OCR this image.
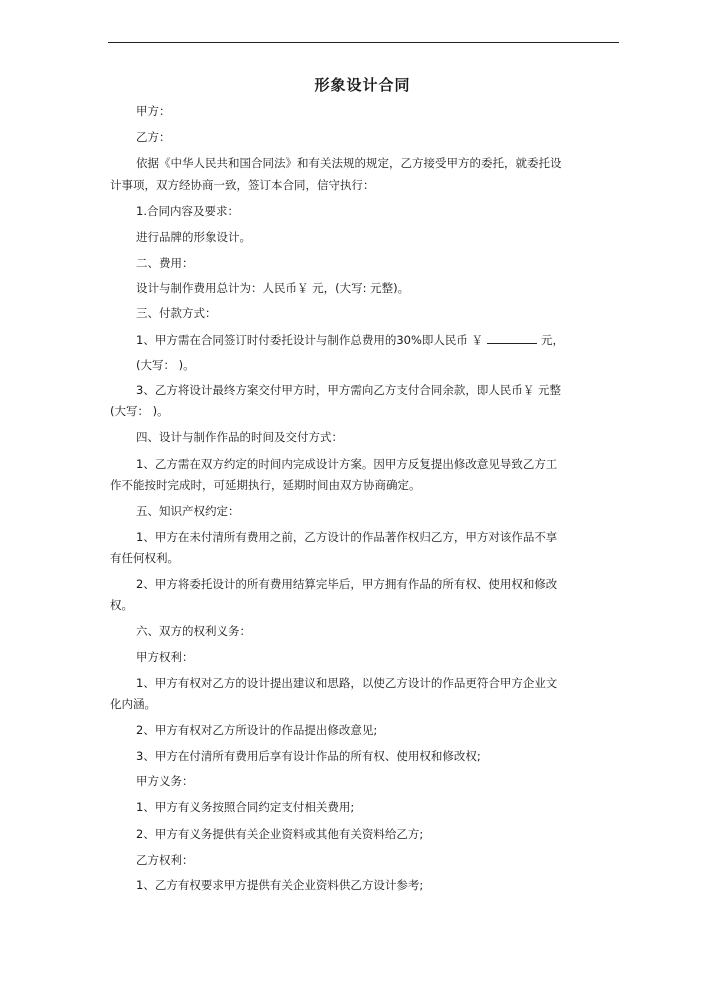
形象设计合同
甲方：
乙方：
依据《中华人民共和国合同法》和有关法规的规定，乙方接受甲方的委托，就委托设
计事项，双方经协商一致，签订本合同，信守执行：
1.合同内容及要求：
进行品牌的形象设计。
二、费用：
设计与制作费用总计为：人民币￥ 元，(大写: 元整)。
三、付款方式：
1、甲方需在合同签订时付委托设计与制作总费用的30%即人民币 ￥	元，
(大写： )。
3、乙方将设计最终方案交付甲方时，甲方需向乙方支付合同余款，即人民币￥ 元整
(大写： )。
四、设计与制作作品的时间及交付方式：
1、乙方需在双方约定的时间内完成设计方案。因甲方反复提出修改意见导致乙方工
作不能按时完成时，可延期执行，延期时间由双方协商确定。
五、知识产权约定：
1、甲方在未付清所有费用之前，乙方设计的作品著作权归乙方，甲方对该作品不享
有任何权利。
2、甲方将委托设计的所有费用结算完毕后，甲方拥有作品的所有权、使用权和修改
权。
六、双方的权利义务：
甲方权利：
1、甲方有权对乙方的设计提出建议和思路，以使乙方设计的作品更符合甲方企业文
化内涵。
2、甲方有权对乙方所设计的作品提出修改意见;
3、甲方在付清所有费用后享有设计作品的所有权、使用权和修改权;
甲方义务：
1、甲方有义务按照合同约定支付相关费用;
2、甲方有义务提供有关企业资料或其他有关资料给乙方;
乙方权利：
1、乙方有权要求甲方提供有关企业资料供乙方设计参考;
